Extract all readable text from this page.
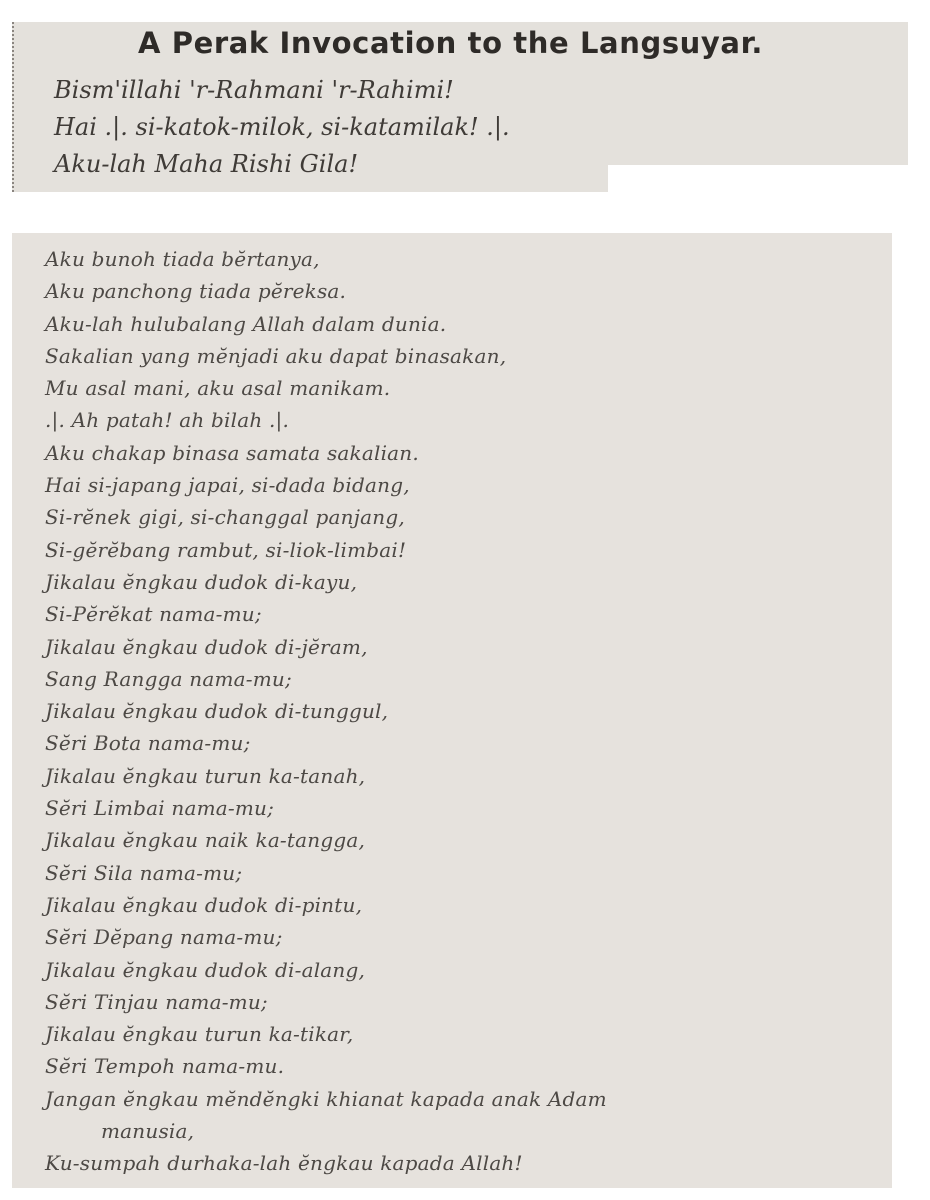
A Perak Invocation to the Langsuyar.
Bism'illahi 'r-Rahmani 'r-Rahimi!
Hai .|. si-katok-milok, si-katamilak! .|.
Aku-lah Maha Rishi Gila!
Aku bunoh tiada bĕrtanya,
Aku panchong tiada pĕreksa.
Aku-lah hulubalang Allah dalam dunia.
Sakalian yang mĕnjadi aku dapat binasakan,
Mu asal mani, aku asal manikam.
.|. Ah patah! ah bilah .|.
Aku chakap binasa samata sakalian.
Hai si-japang japai, si-dada bidang,
Si-rĕnek gigi, si-changgal panjang,
Si-gĕrĕbang rambut, si-liok-limbai!
Jikalau ĕngkau dudok di-kayu,
Si-Pĕrĕkat nama-mu;
Jikalau ĕngkau dudok di-jĕram,
Sang Rangga nama-mu;
Jikalau ĕngkau dudok di-tunggul,
Sĕri Bota nama-mu;
Jikalau ĕngkau turun ka-tanah,
Sĕri Limbai nama-mu;
Jikalau ĕngkau naik ka-tangga,
Sĕri Sila nama-mu;
Jikalau ĕngkau dudok di-pintu,
Sĕri Dĕpang nama-mu;
Jikalau ĕngkau dudok di-alang,
Sĕri Tinjau nama-mu;
Jikalau ĕngkau turun ka-tikar,
Sĕri Tempoh nama-mu.
Jangan ĕngkau mĕndĕngki khianat kapada anak Adam
manusia,
Ku-sumpah durhaka-lah ĕngkau kapada Allah!
